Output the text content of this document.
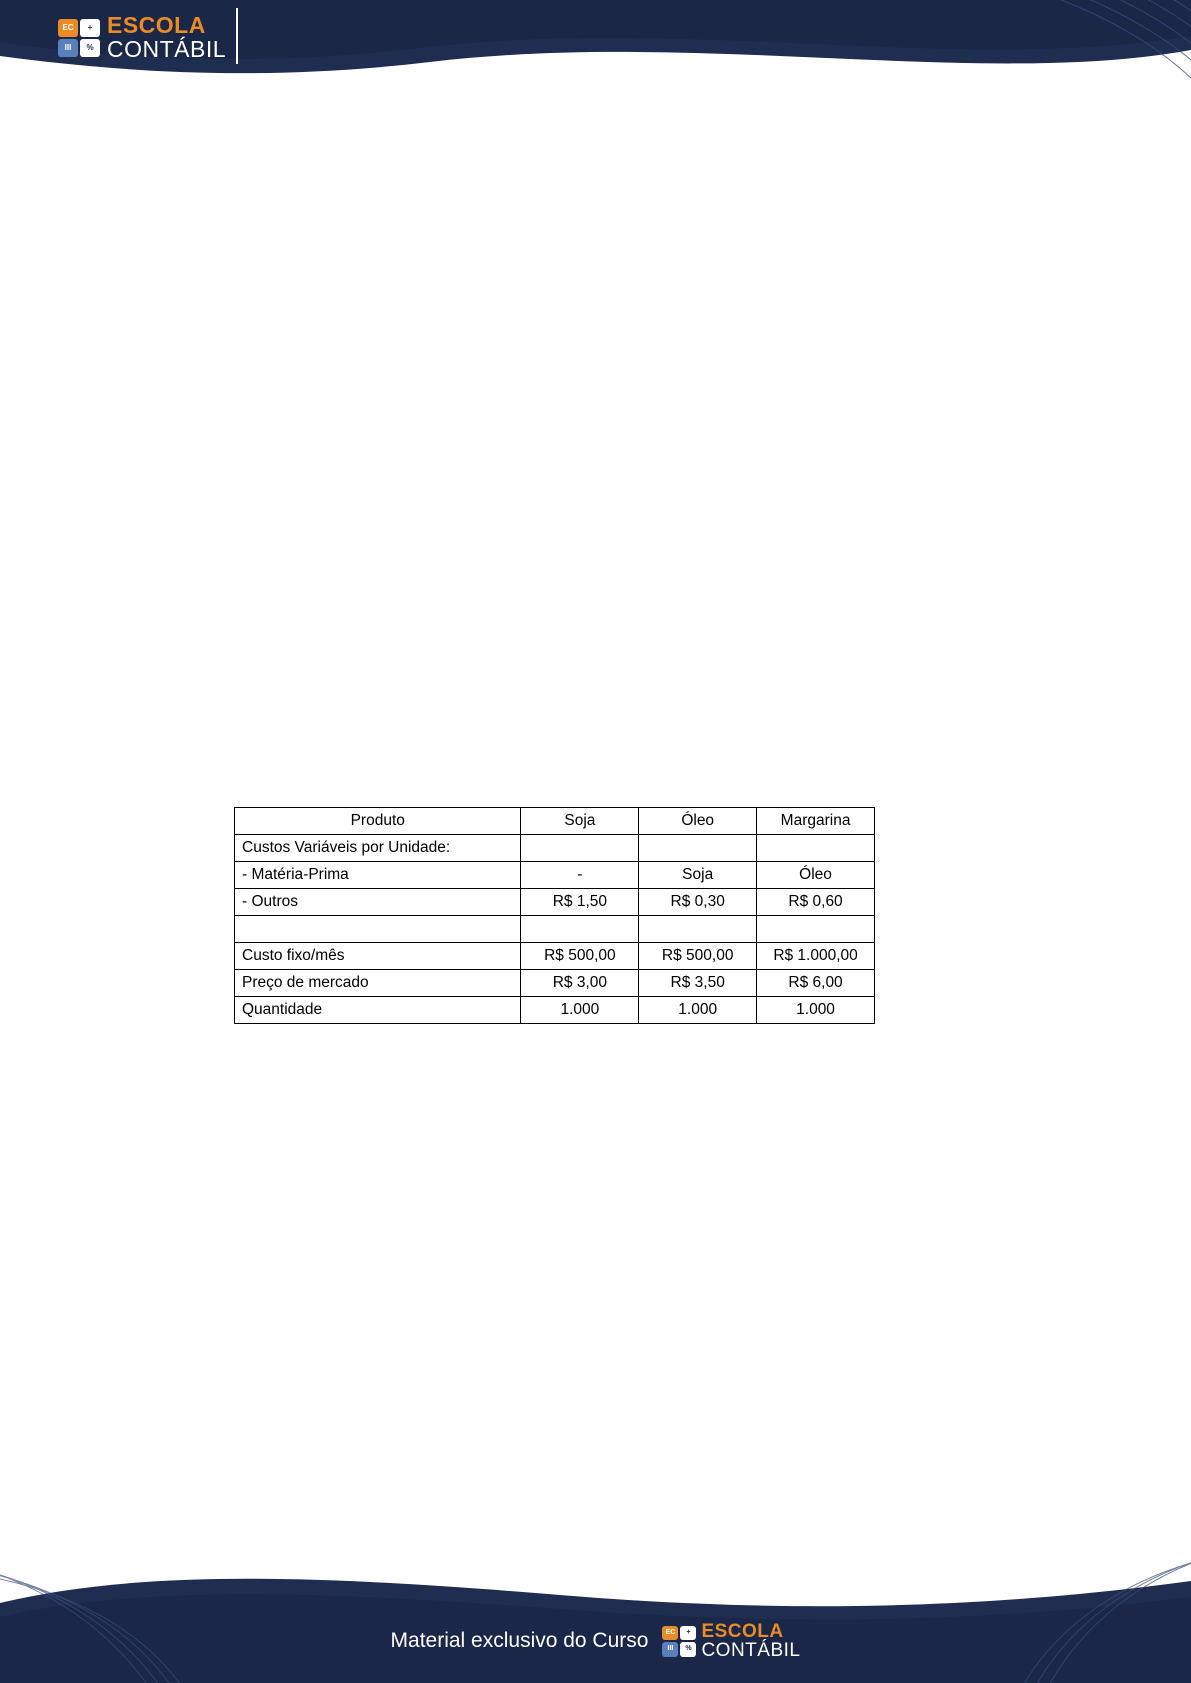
EC	+
III	%
ESCOLA
CONTÁBIL
Produto	Soja	Óleo	Margarina
Custos Variáveis por Unidade:			
- Matéria-Prima	-	Soja	Óleo
- Outros	R$ 1,50	R$ 0,30	R$ 0,60

Custo fixo/mês	R$ 500,00	R$ 500,00	R$ 1.000,00
Preço de mercado	R$ 3,00	R$ 3,50	R$ 6,00
Quantidade	1.000	1.000	1.000
Material exclusivo do Curso	EC	+
III	%
ESCOLA
CONTÁBIL
